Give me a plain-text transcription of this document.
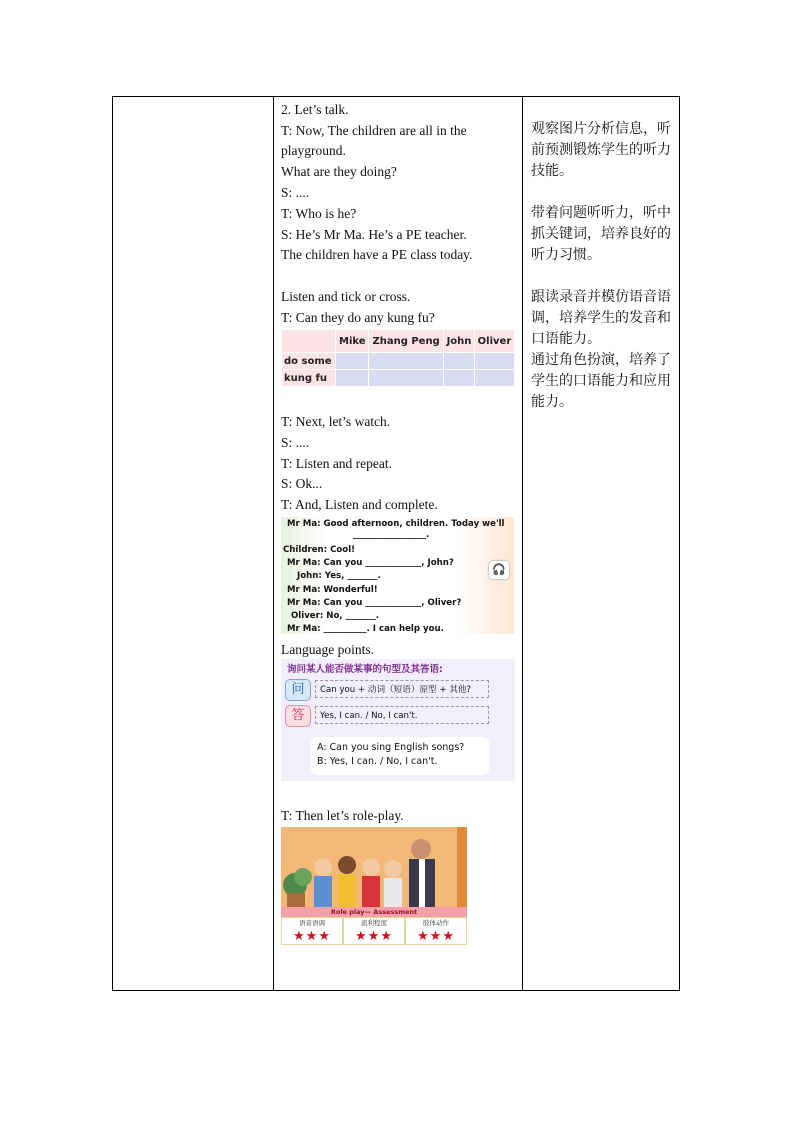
2. Let’s talk.
T: Now, The children are all in the
playground.
What are they doing?
S: ....
T: Who is he?
S: He’s Mr Ma. He’s a PE teacher.
The children have a PE class today.
Listen and tick or cross.
T: Can they do any kung fu?
	Mike	Zhang Peng	John	Oliver
do some				
kung fu				
T: Next, let’s watch.
S: ....
T: Listen and repeat.
S: Ok...
T: And, Listen and complete.
Mr Ma: Good afternoon, children. Today we'll
_________________.
Children: Cool!
Mr Ma: Can you _____________, John?
John: Yes, _______.
Mr Ma: Wonderful!
Mr Ma: Can you _____________, Oliver?
Oliver: No, _______.
Mr Ma: __________. I can help you.
🎧
Language points.
询问某人能否做某事的句型及其答语:
问	Can you + 动词（短语）原型 + 其他?
答	Yes, I can. / No, I can't.
A: Can you sing English songs?
B: Yes, I can. / No, I can't.
T: Then let’s role-play.
Role play— Assessment
语音语调
★★★
流利程度
★★★
肢体动作
★★★

观察图片分析信息，听前预测锻炼学生的听力技能。

带着问题听听力，听中抓关键词，培养良好的听力习惯。

跟读录音并模仿语音语调，培养学生的发音和口语能力。

通过角色扮演，培养了学生的口语能力和应用能力。
